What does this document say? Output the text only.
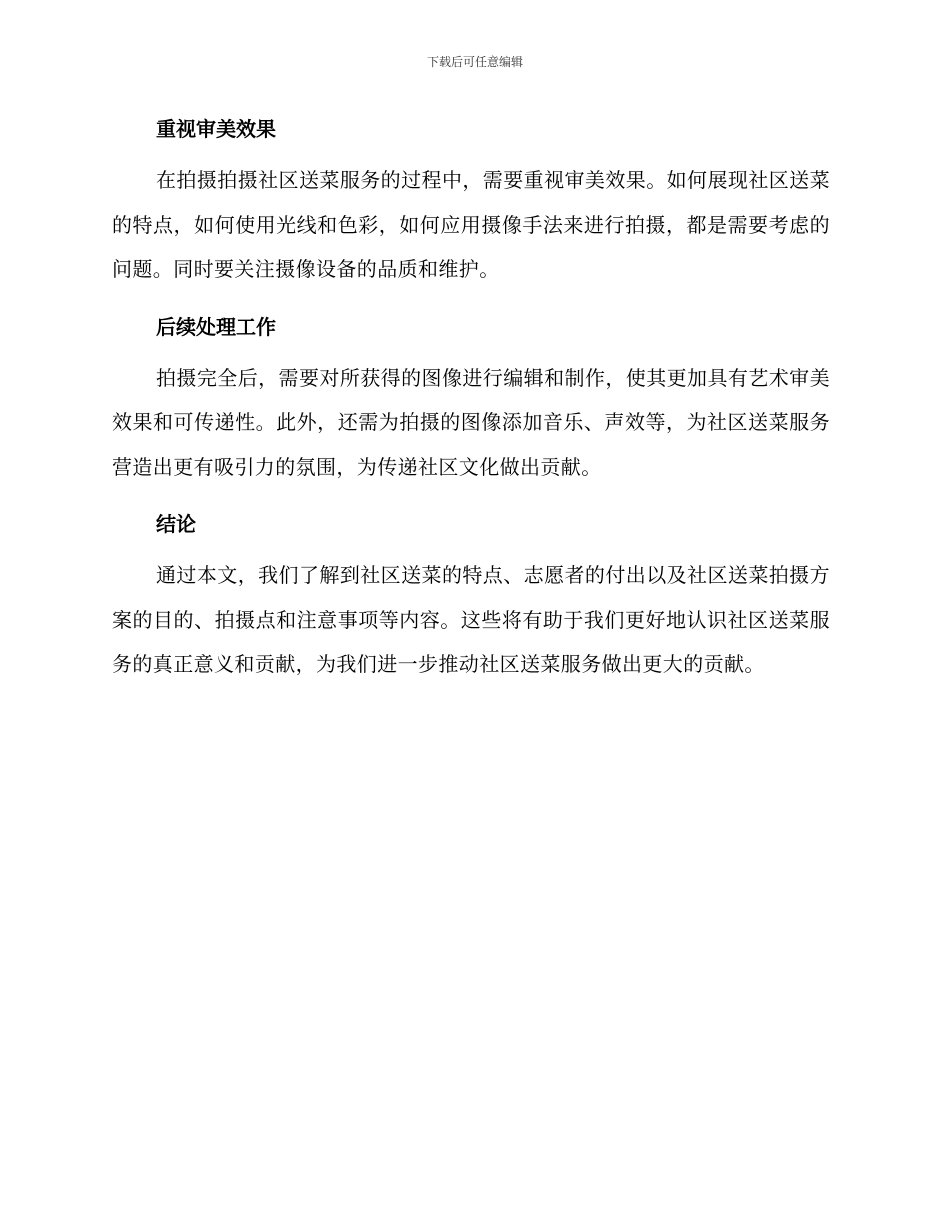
下载后可任意编辑
重视审美效果

在拍摄拍摄社区送菜服务的过程中，需要重视审美效果。如何展现社区送菜的特点，如何使用光线和色彩，如何应用摄像手法来进行拍摄，都是需要考虑的问题。同时要关注摄像设备的品质和维护。

后续处理工作

拍摄完全后，需要对所获得的图像进行编辑和制作，使其更加具有艺术审美效果和可传递性。此外，还需为拍摄的图像添加音乐、声效等，为社区送菜服务营造出更有吸引力的氛围，为传递社区文化做出贡献。

结论

通过本文，我们了解到社区送菜的特点、志愿者的付出以及社区送菜拍摄方案的目的、拍摄点和注意事项等内容。这些将有助于我们更好地认识社区送菜服务的真正意义和贡献，为我们进一步推动社区送菜服务做出更大的贡献。
